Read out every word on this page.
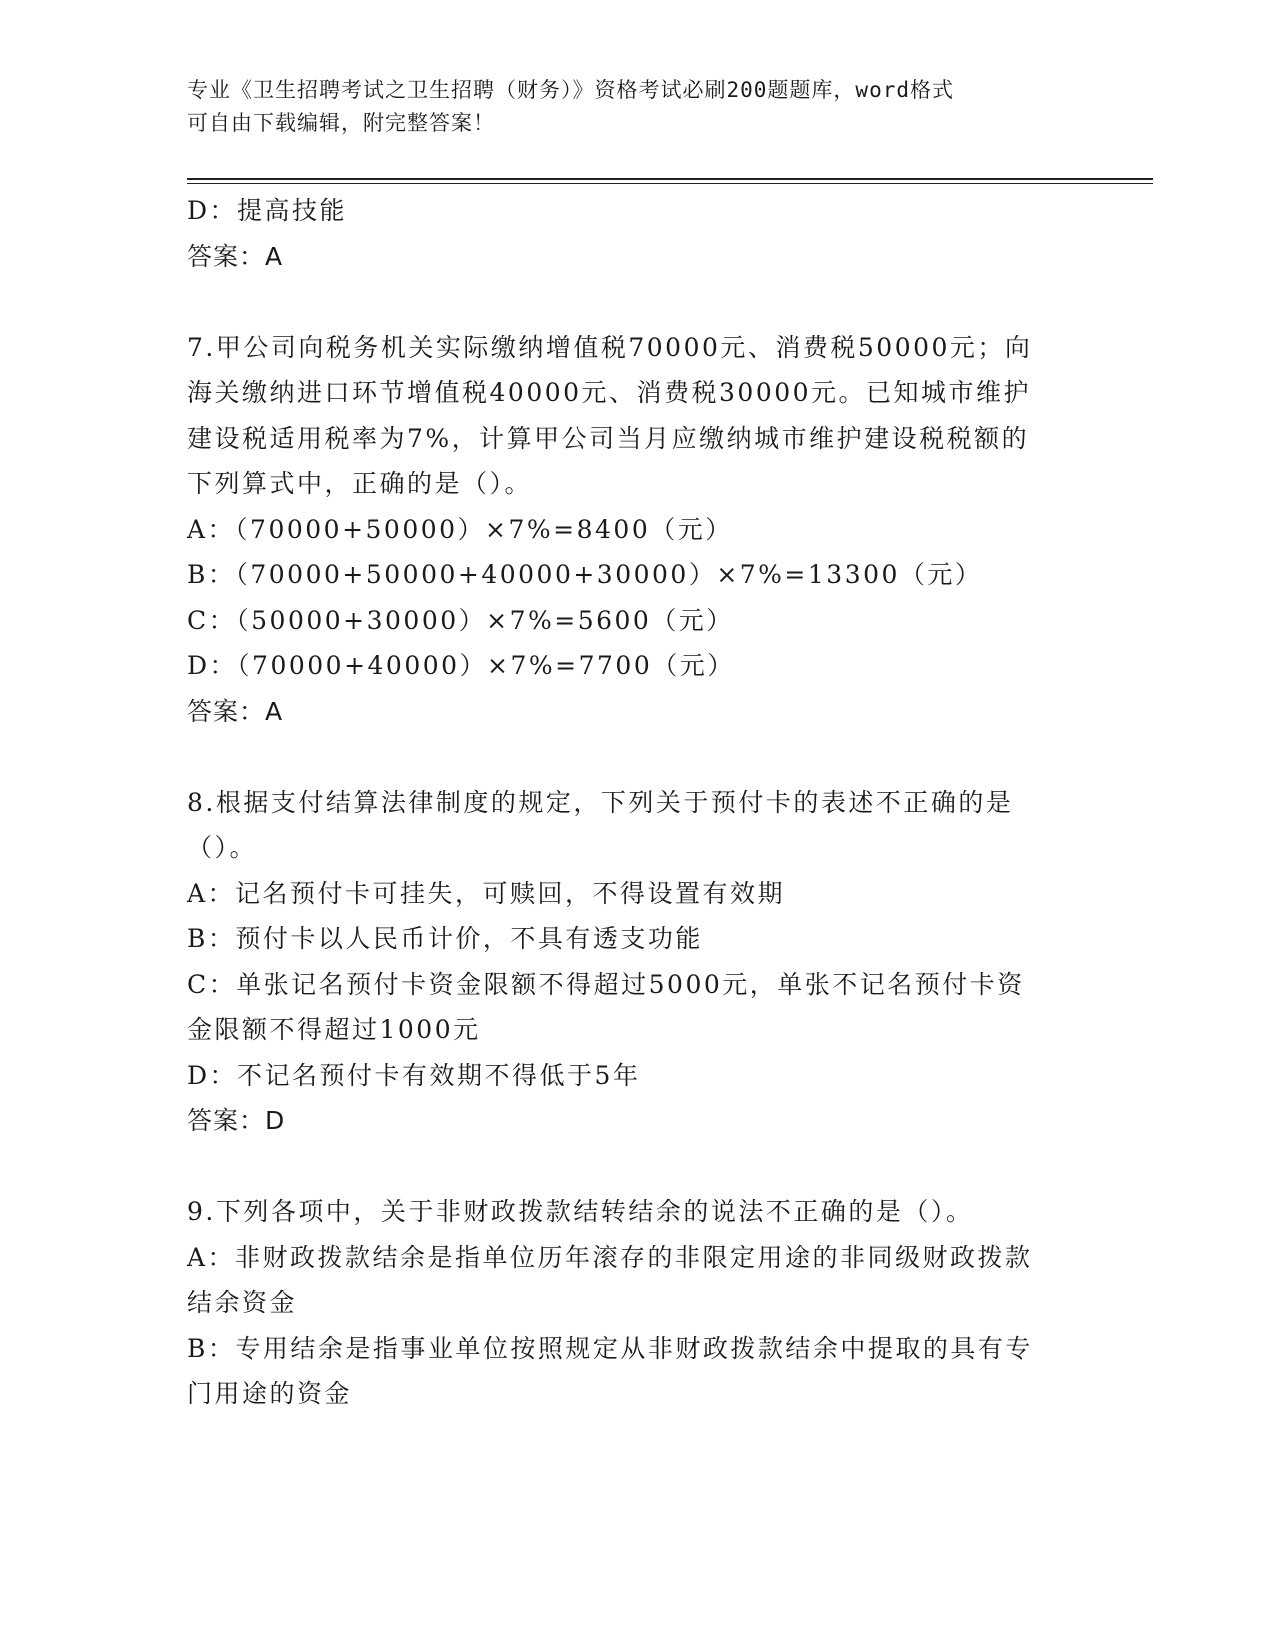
专业《卫生招聘考试之卫生招聘（财务）》资格考试必刷200题题库，word格式
可自由下载编辑，附完整答案！

D：提高技能

答案：A

7.甲公司向税务机关实际缴纳增值税70000元、消费税50000元；向

海关缴纳进口环节增值税40000元、消费税30000元。已知城市维护

建设税适用税率为7%，计算甲公司当月应缴纳城市维护建设税税额的

下列算式中，正确的是（）。

A：（70000+50000）×7%=8400（元）

B：（70000+50000+40000+30000）×7%=13300（元）

C：（50000+30000）×7%=5600（元）

D：（70000+40000）×7%=7700（元）

答案：A

8.根据支付结算法律制度的规定，下列关于预付卡的表述不正确的是

（）。

A：记名预付卡可挂失，可赎回，不得设置有效期

B：预付卡以人民币计价，不具有透支功能

C：单张记名预付卡资金限额不得超过5000元，单张不记名预付卡资

金限额不得超过1000元

D：不记名预付卡有效期不得低于5年

答案：D

9.下列各项中，关于非财政拨款结转结余的说法不正确的是（）。

A：非财政拨款结余是指单位历年滚存的非限定用途的非同级财政拨款

结余资金

B：专用结余是指事业单位按照规定从非财政拨款结余中提取的具有专

门用途的资金
